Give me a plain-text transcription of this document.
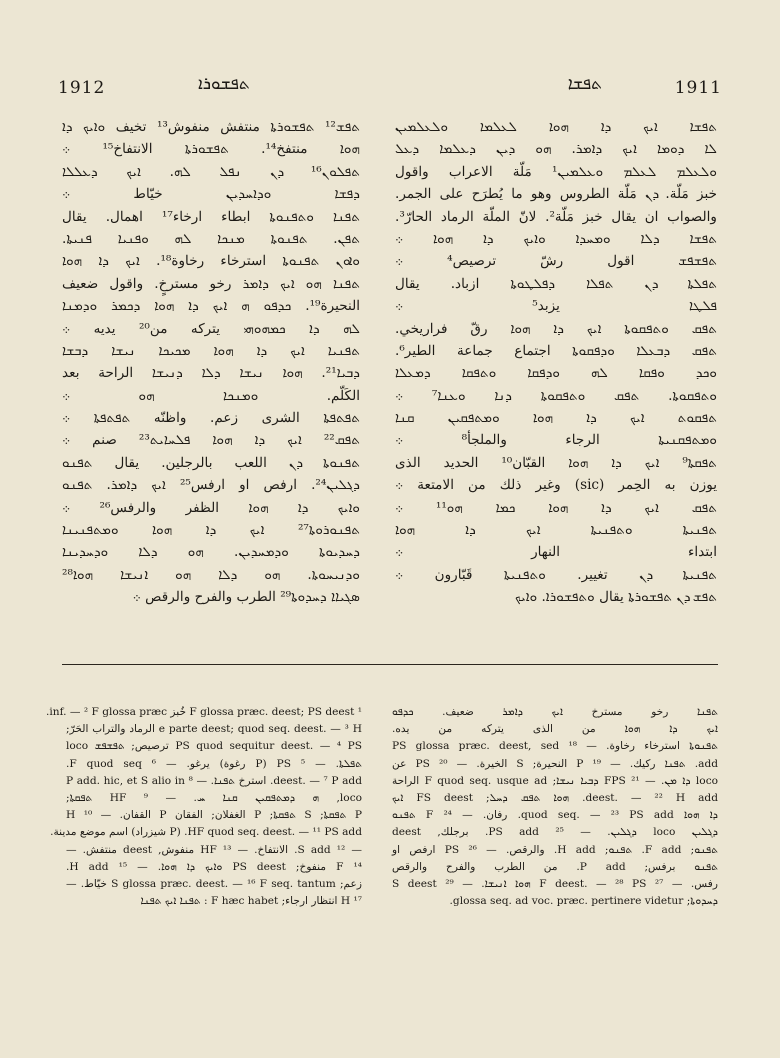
1912	ܬܦܫܘܪܐ	ܬܦܫܐ	1911
ܬܦܫ¹² ܬܦܫܘܪܬܐ منتفش منفوش¹³ تخيف ܘܐܝܟ ܕܐ
ܗܘܐ منتفخ¹⁴. ܬܦܫܘܪܬܐ الانتفاخ¹⁵ ܀
ܬܦܠܘܢ¹⁶ ܕܢ ܢܦܠ ܠܗ. ܐܝܟ ܕܥܠܠܐ
ܕܦܫܐ ܘܕܐܚܕܝܢ خيّاط ܀
ܬܦܢܐ ܘܬܦܢܘܬܐ ابطاء ارخاء¹⁷ اهمال. يقال
ܬܦܢ. ܬܦܢܘܬܐ ܡܢܟܐ ܠܗ ܘܦܢܝܐ ܦܢܝܬܐ.
ܘܐܘܢ ܬܦܢܘܬܐ استرخاء رخاوة¹⁸. ܐܝܟ ܕܐ ܗܘܐ
ܬܦܢܐ ܗܘ ܐܝܟ ܕܐܡܪ رخو مسترخٍ. واقول ضعيف
النحيرة¹⁹. ܟܕܦܘ ܗ ܐܝܟ ܕܐ ܗܘܐ ܕܟܡܪ ܘܕܡܢܐ
ܠܗ ܕܐ ܟܡܗܘܗܝ يتركه من²⁰ يديه ܀
ܬܦܢܝܐ ܐܝܟ ܕܐ ܗܘܐ ܡܟܝܟܐ ܢܝܫܐ ܕܒܫܐ
ܕܒܝܐ²¹. ܗܘܐ ܢܝܫܐ ܕܠܐ ܕܢܝܫܐ الراحة بعد
الكَلّم. ܘܡܢܟܐ ܗܘ ܀
ܬܦܬܦܬܐ الشرى زعم. واظنّه ܬܦܬܦܬܐ ܀
ܬܦܩ²² ܐܝܟ ܕܐ ܗܘܐ ܦܠܚܐܝܬ²³ صنم ܀
ܬܦܢܘܬܐ ܕܢ اللعب بالرجلين. يقال ܬܦܢܘ
ܕܓܠܝܢ²⁴. ارفص او ارفس²⁵ ܐܝܟ ܕܐܡܪ. ܬܦܢܘ
ܘܐܝܟ ܕܐ ܗܘܐ الظفر والرفس²⁶ ܀
ܬܦܢܘܪܘܬܐ²⁷ ܐܝܟ ܕܐ ܗܘܐ ܘܡܬܦܢܝܢܐ
ܕܚܕܝܘܬܐ ܘܕܡܚܕܝܢ. ܗܘ ܕܠܐ ܘܕܚܕܝܢܐ
ܘܕܢܝܚܘܬܐ. ܗܘ ܕܠܐ ܗܘ ܐܢܝܫܐ ܗܘܐ²⁸
ܣܓܝܐܐ ܕܚܕܘܬܐ²⁹ الطرب والفرح والرقص ܀
ܬܦܫܐ ܐܝܟ ܕܐ ܗܘܐ ܠܥܠܡܐ ܘܠܥܠܡܝܢ
ܠܐ ܕܘܡܐ ܐܝܟ ܕܐܡܪ. ܗܘ ܕܝܢ ܕܥܠܡܐ ܕܥܠ
ܘܠܥܠܡ ܠܥܠܡ ܘܥܠܡܝܢ¹ مَلّة الاعراب واقول
خبز مَلّة. ܕܢ مَلّة الطروس وهو ما يُطرَح على الجمر.
والصواب ان يقال خبز مَلّة². لانّ الملّة الرماد الحارّ³.
ܬܦܫܐ ܕܠܐ ܘܡܚܕܐ ܘܐܝܟ ܕܐ ܗܘܐ ܀
ܬܦܫܦܫ اقول رشّ ترصيص⁴ ܀
ܬܦܠܬܐ ܕܢ ܬܦܠܐ ܕܦܠܛܘܬܐ ازباد. يقال
ܦܠܛܐ يزبد⁵ ܀
ܬܦܩ ܘܬܦܩܘܬܐ ܐܝܟ ܕܐ ܗܘܐ رقّ فراريخي.
ܬܦܩ ܕܒܥܠܐ ܘܕܦܩܘܬܐ اجتماع جماعة الطير⁶.
ܘܟܕ ܘܦܩܐ ܠܗ ܘܕܦܩܐ ܘܬܦܩܐ ܕܡܥܠܐ
ܘܬܦܩܘܬܐ. ܬܦܩ ܘܬܦܩܘܬܐ ܕܢܐ ܘܥܢܐ⁷ ܀
ܬܦܩܘܬ ܐܝܟ ܕܐ ܗܘܐ ܘܡܬܦܩܝܢ ܩܢܐ
ܘܡܬܦܩܢܝܬܐ الرجاء والملجأ⁸ ܀
ܬܦܩܬܐ⁹ ܐܝܟ ܕܐ ܗܘܐ القبّان¹⁰ الحديد الذى
يوزن به الحِمر (sic) وغير ذلك من الامتعة ܀
ܬܦܩ ܐܝܟ ܕܐ ܗܘܐ ܟܡܐ ܗܘ¹¹ ܀
ܬܦܢܝܬܐ ܘܬܦܢܝܬܐ ܐܝܟ ܕܐ ܗܘܐ
ابتداء النهار ܀
ܬܦܢܝܬܐ ܕܢ تغيير. ܘܬܦܢܝܬܐ قَبّارون ܀
ܬܦܫ ܕܢ ܬܦܫܘܪܬܐ يقال ܘܬܦܫܘܪܐ. ܘܐܝܟ
¹ F glossa præc. deest; PS deest خُبز inf. — ² F glossa præc.
e parte deest; quod seq. deest. — ³ H الرماد والتراب الحَرّ;
PS quod sequitur deest. — ⁴ PS ترصيص; ܬܦܫܦܫ loco
ܬܦܠܬܐ. — ⁵ PS (P رغوة) يرغو. — ⁶ F quod seq.
deest. — ⁷ P add. استرخ ܬܦܢܐ. — ⁸ P add. hic, et S alio in
loco, ܗ ܕܡܬܦܩܝܢ ܩܢܐ ܚ. — ⁹ HF ܬܦܩܬܐ;
P ܬܦܩܬܐ; S ܬܦܩܬܐ; P الغفلان; الفقان P القفان. — ¹⁰ H
HF quod seq. deest. — ¹¹ PS add. (P شيزراد) اسم موضع مدينة.
— ¹² S add. الانتفاخ. — ¹³ HF منفوش, deest منتفش. —
¹⁴ F منفوخ; PS deest ܘܐܝܟ ܕܐ ܗܘܐ. — ¹⁵ H add.
زعم; S glossa præc. deest. — ¹⁶ F seq. tantum خيّاط. —
¹⁷ H انتظار ارجاء; F hæc habet : ܬܦܢܐ ܐܝܟ ܬܦܢܐ
ܬܦܢܐ رخو مسترخ ܐܝܟ ܕܐܡܪ ضعيف. ܟܕܦܘ
ܐܝܟ ܕܐ ܗܘܐ من الذى يتركه من يده.
ܬܦܢܘܬܐ استرخاء رخاوة. — ¹⁸ PS glossa præc. deest, sed
add. ܬܦܢܐ ركيك. — ¹⁹ P النحيرة; S الخيرة. — ²⁰ PS عن
loco ܕܐ ܡܢ. — ²¹ FPS ܕܒܝܐ ܢܝܫܐ; F quod seq. usque ad الراحة
deest. — ²² H add. ܗܘܐ ܬܦܩ ܕܚܠ; FS deest ܐܝܟ
ܕܐ ܗܘܐ quod seq. — ²³ PS add. رفان. — ²⁴ F ܬܦܢܘ
ܕܓܠܝܢ loco ܕܓܠܝܢ. — ²⁵ PS add. برجلك, deest
ܬܦܢܘ; F add. ܬܦܢܘ; H add. والرقص. — ²⁶ PS ارفص او
ܬܦܢܘ برفس; P add. من الطرب والفرح والرقص
رفس. — ²⁷ F deest. — ²⁸ PS ܗܘܐ ܐܢܝܫܐ. — ²⁹ S deest
ܕܚܕܘܬܐ; glossa seq. ad voc. præc. pertinere videtur.
